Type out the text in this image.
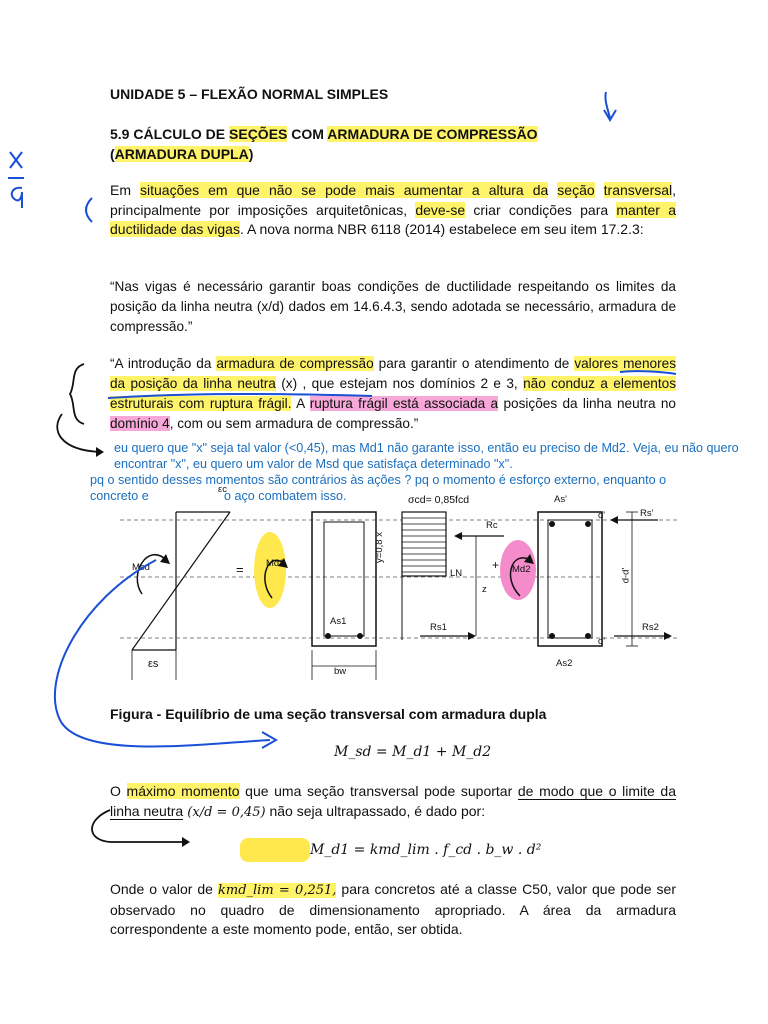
UNIDADE 5 – FLEXÃO NORMAL SIMPLES
5.9 CÁLCULO DE SEÇÕES COM ARMADURA DE COMPRESSÃO
(ARMADURA DUPLA)
Em situações em que não se pode mais aumentar a altura da seção transversal, principalmente por imposições arquitetônicas, deve-se criar condições para manter a ductilidade das vigas. A nova norma NBR 6118 (2014) estabelece em seu item 17.2.3:
“Nas vigas é necessário garantir boas condições de ductilidade respeitando os limites da posição da linha neutra (x/d) dados em 14.6.4.3, sendo adotada se necessário, armadura de compressão.”
“A introdução da armadura de compressão para garantir o atendimento de valores menores da posição da linha neutra (x) , que estejam nos domínios 2 e 3, não conduz a elementos estruturais com ruptura frágil. A ruptura frágil está associada a posições da linha neutra no domínio 4, com ou sem armadura de compressão.”
eu quero que "x" seja tal valor (<0,45), mas Md1 não garante isso, então eu preciso de Md2. Veja, eu não quero encontrar "x", eu quero um valor de Msd que satisfaça determinado "x".
pq o sentido desses momentos são contrários às ações ? pq o momento é esforço externo, enquanto o
concreto e	o aço combatem isso.
εc
εs
Msd	= Md1
As1
bw
σcd= 0,85fcd
y=0,8 x
Rc
LN
z
Rs1
+ Md2
As'
As2
Rs'
Rs2
d'
d'
d-d'
Figura - Equilíbrio de uma seção transversal com armadura dupla
M_sd = M_d1 + M_d2
O máximo momento que uma seção transversal pode suportar de modo que o limite da linha neutra (x/d = 0,45) não seja ultrapassado, é dado por:
M_d1 = kmd_lim . f_cd . b_w . d²
Onde o valor de kmd_lim = 0,251, para concretos até a classe C50, valor que pode ser observado no quadro de dimensionamento apropriado. A área da armadura correspondente a este momento pode, então, ser obtida.
